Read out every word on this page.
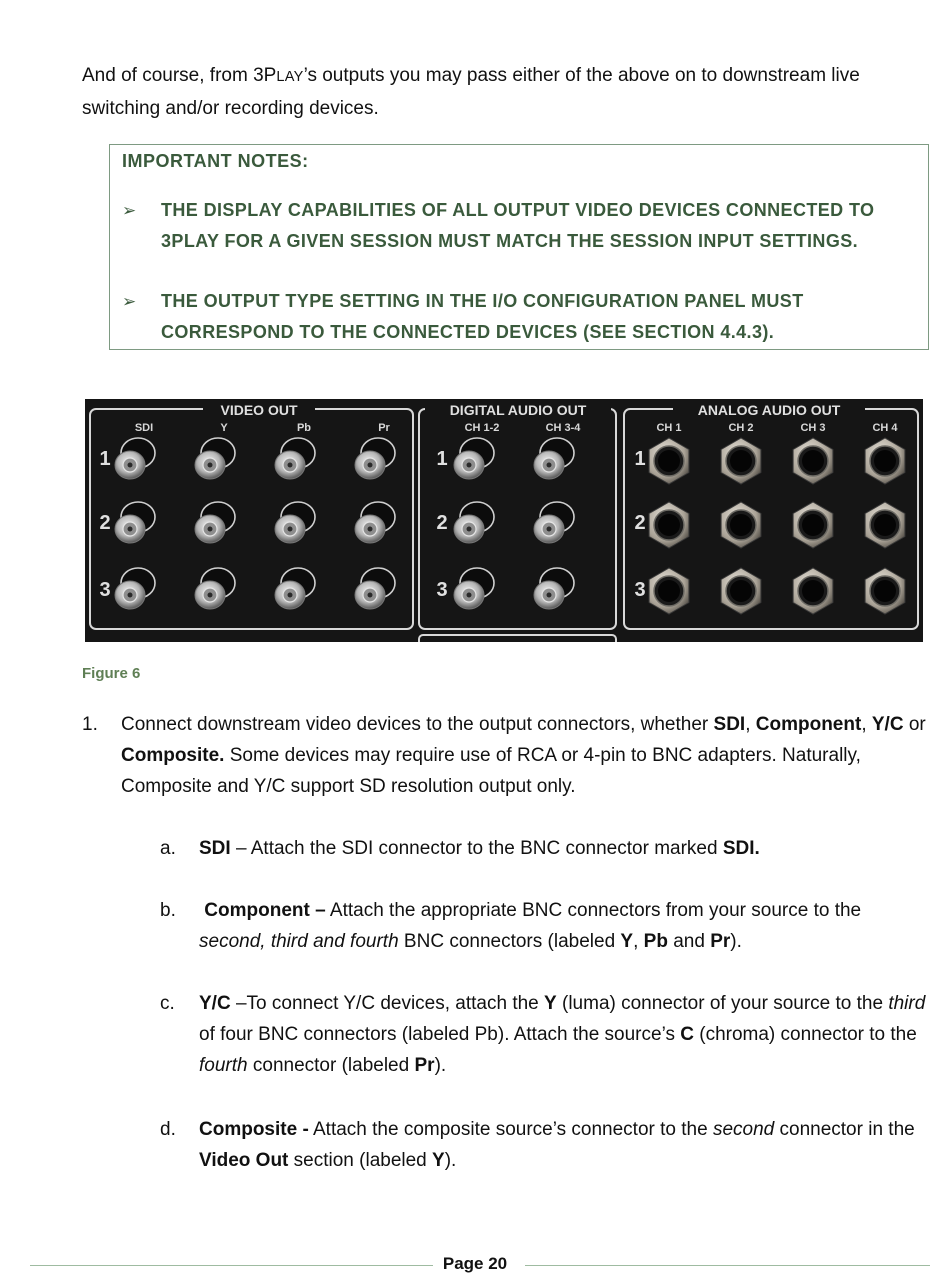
And of course, from 3PLAY’s outputs you may pass either of the above on to downstream live switching and/or recording devices.
IMPORTANT NOTES:
➢ THE DISPLAY CAPABILITIES OF ALL OUTPUT VIDEO DEVICES CONNECTED TO 3PLAY FOR A GIVEN SESSION MUST MATCH THE SESSION INPUT SETTINGS.
➢ THE OUTPUT TYPE SETTING IN THE I/O CONFIGURATION PANEL MUST CORRESPOND TO THE CONNECTED DEVICES (SEE SECTION 4.4.3).
VIDEO OUT	DIGITAL AUDIO OUT	ANALOG AUDIO OUT
SDI	Y	Pb	Pr	CH 1-2	CH 3-4	CH 1	CH 2	CH 3	CH 4
1
2
3
1
2
3
1
2
3
Figure 6
1. Connect downstream video devices to the output connectors, whether SDI, Component, Y/C or Composite. Some devices may require use of RCA or 4-pin to BNC adapters. Naturally, Composite and Y/C support SD resolution output only.
a. SDI – Attach the SDI connector to the BNC connector marked SDI.
b. Component – Attach the appropriate BNC connectors from your source to the second, third and fourth BNC connectors (labeled Y, Pb and Pr).
c. Y/C –To connect Y/C devices, attach the Y (luma) connector of your source to the third of four BNC connectors (labeled Pb). Attach the source’s C (chroma) connector to the fourth connector (labeled Pr).
d. Composite - Attach the composite source’s connector to the second connector in the Video Out section (labeled Y).
Page 20
